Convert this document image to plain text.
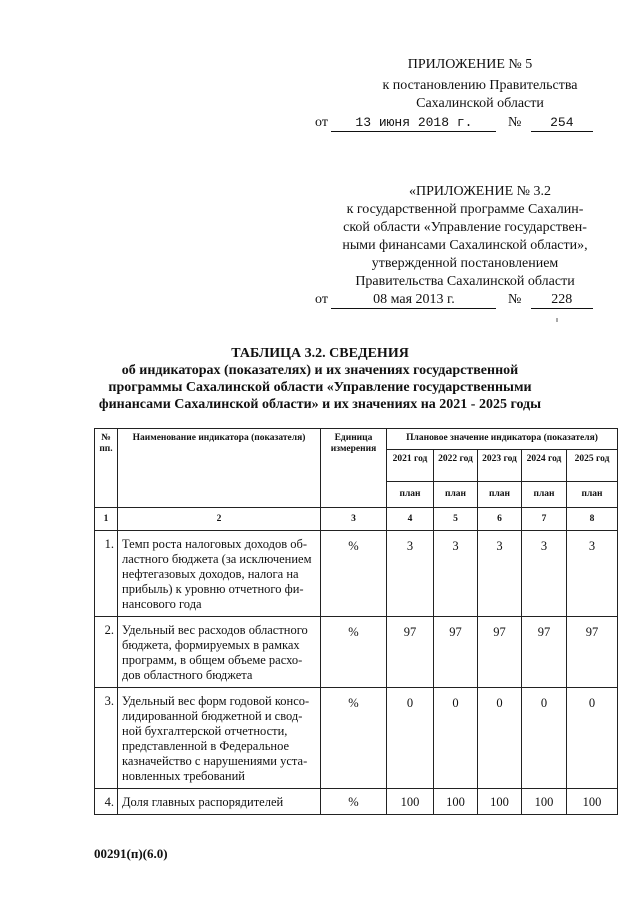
ПРИЛОЖЕНИЕ № 5
к постановлению Правительства
Сахалинской области
от 13 июня 2018 г.	№ 254
«ПРИЛОЖЕНИЕ № 3.2
к государственной программе Сахалин-
ской области «Управление государствен-
ными финансами Сахалинской области»,
утвержденной постановлением
Правительства Сахалинской области
от	08 мая 2013 г.	№ 228
ТАБЛИЦА 3.2. СВЕДЕНИЯ
об индикаторах (показателях) и их значениях государственной
программы Сахалинской области «Управление государственными
финансами Сахалинской области» и их значениях на 2021 - 2025 годы
№ пп.	Наименование индикатора (показателя)	Единица измерения	Плановое значение индикатора (показателя)				
			2021 год	2022 год	2023 год	2024 год	2025 год
			план	план	план	план	план
1	2	3	4	5	6	7	8
1.	Темп роста налоговых доходов об-ластного бюджета (за исключением нефтегазовых доходов, налога на прибыль) к уровню отчетного фи-нансового года	%	3	3	3	3	3
2.	Удельный вес расходов областного бюджета, формируемых в рамках программ, в общем объеме расхо-дов областного бюджета	%	97	97	97	97	97
3.	Удельный вес форм годовой консо-лидированной бюджетной и свод-ной бухгалтерской отчетности, представленной в Федеральное казначейство с нарушениями уста-новленных требований	%	0	0	0	0	0
4.	Доля главных распорядителей	%	100	100	100	100	100
00291(п)(6.0)
